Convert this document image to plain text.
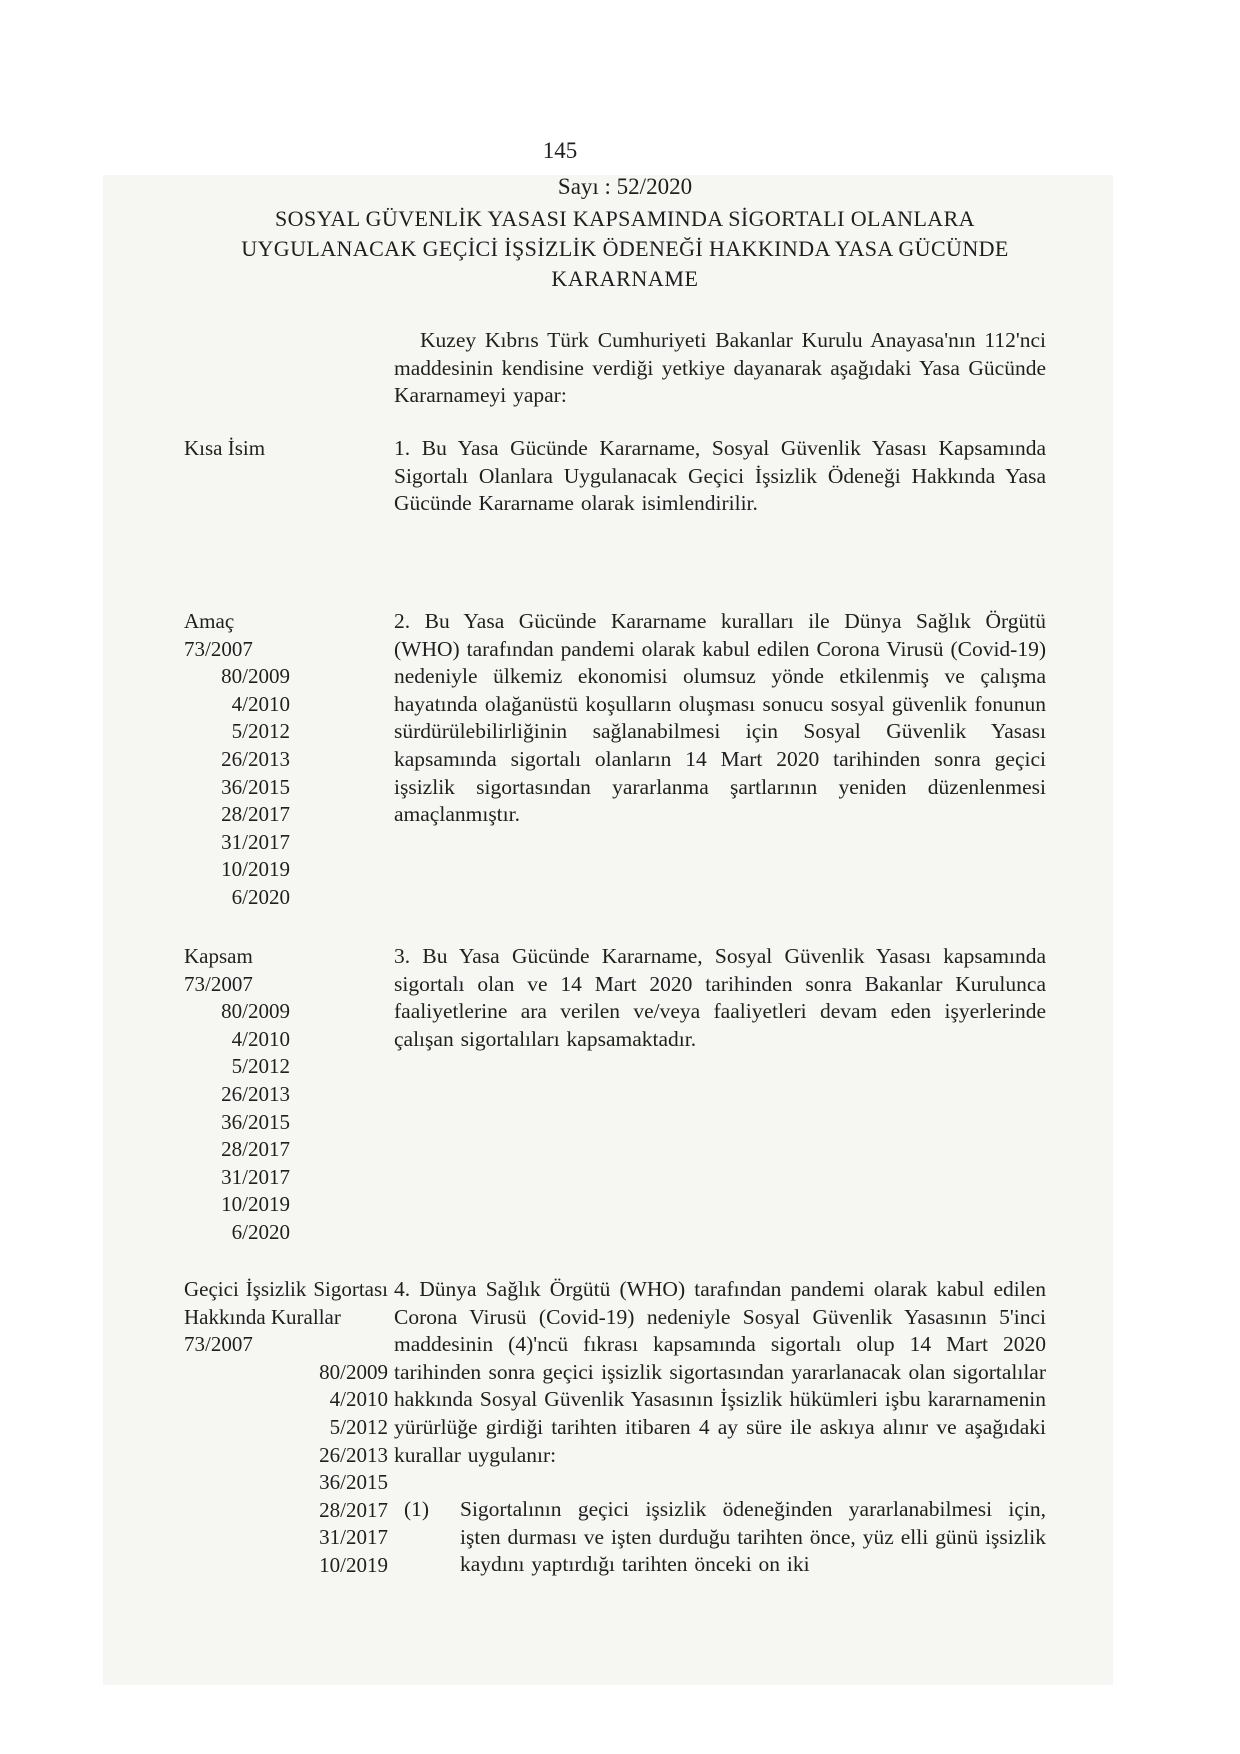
145
Sayı : 52/2020
SOSYAL GÜVENLİK YASASI KAPSAMINDA SİGORTALI OLANLARA
UYGULANACAK GEÇİCİ İŞSİZLİK ÖDENEĞİ HAKKINDA YASA GÜCÜNDE
KARARNAME
Kuzey Kıbrıs Türk Cumhuriyeti Bakanlar Kurulu Anayasa'nın 112'nci maddesinin kendisine verdiği yetkiye dayanarak aşağıdaki Yasa Gücünde Kararnameyi yapar:
Kısa İsim	1. Bu Yasa Gücünde Kararname, Sosyal Güvenlik Yasası Kapsamında Sigortalı Olanlara Uygulanacak Geçici İşsizlik Ödeneği Hakkında Yasa Gücünde Kararname olarak isimlendirilir.
Amaç
73/2007
80/2009
4/2010
5/2012
26/2013
36/2015
28/2017
31/2017
10/2019
6/2020
2. Bu Yasa Gücünde Kararname kuralları ile Dünya Sağlık Örgütü (WHO) tarafından pandemi olarak kabul edilen Corona Virusü (Covid-19) nedeniyle ülkemiz ekonomisi olumsuz yönde etkilenmiş ve çalışma hayatında olağanüstü koşulların oluşması sonucu sosyal güvenlik fonunun sürdürülebilirliğinin sağlanabilmesi için Sosyal Güvenlik Yasası kapsamında sigortalı olanların 14 Mart 2020 tarihinden sonra geçici işsizlik sigortasından yararlanma şartlarının yeniden düzenlenmesi amaçlanmıştır.
Kapsam
73/2007
80/2009
4/2010
5/2012
26/2013
36/2015
28/2017
31/2017
10/2019
6/2020
3. Bu Yasa Gücünde Kararname, Sosyal Güvenlik Yasası kapsamında sigortalı olan ve 14 Mart 2020 tarihinden sonra Bakanlar Kurulunca faaliyetlerine ara verilen ve/veya faaliyetleri devam eden işyerlerinde çalışan sigortalıları kapsamaktadır.
Geçici İşsizlik Sigortası Hakkında Kurallar
73/2007
80/2009
4/2010
5/2012
26/2013
36/2015
28/2017
31/2017
10/2019
4. Dünya Sağlık Örgütü (WHO) tarafından pandemi olarak kabul edilen Corona Virusü (Covid-19) nedeniyle Sosyal Güvenlik Yasasının 5'inci maddesinin (4)'ncü fıkrası kapsamında sigortalı olup 14 Mart 2020 tarihinden sonra geçici işsizlik sigortasından yararlanacak olan sigortalılar hakkında Sosyal Güvenlik Yasasının İşsizlik hükümleri işbu kararnamenin yürürlüğe girdiği tarihten itibaren 4 ay süre ile askıya alınır ve aşağıdaki kurallar uygulanır:
(1)	Sigortalının geçici işsizlik ödeneğinden yararlanabilmesi için, işten durması ve işten durduğu tarihten önce, yüz elli günü işsizlik kaydını yaptırdığı tarihten önceki on iki
